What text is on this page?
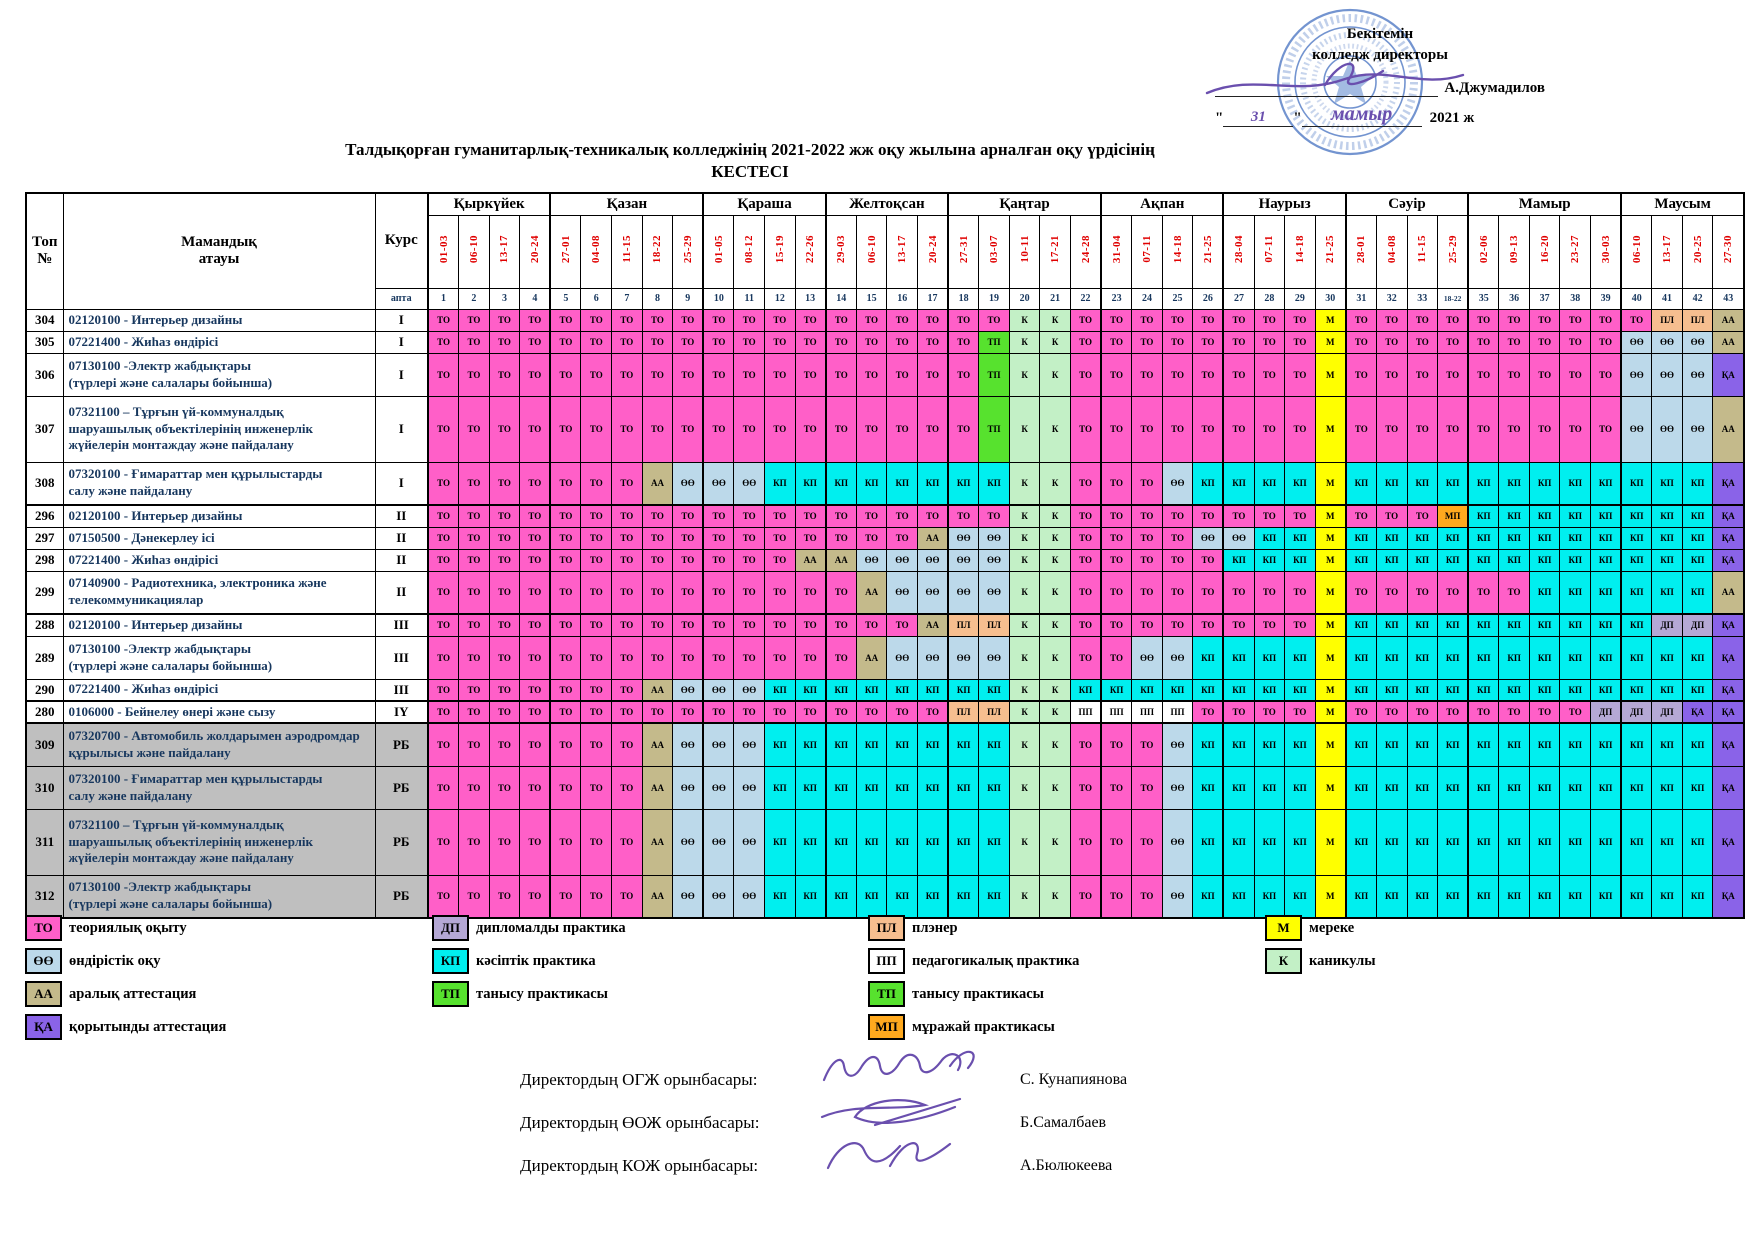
Бекітемін
колледж директоры
А.Джумадилов
"	31	"	мамыр	2021 ж
Талдықорған гуманитарлық-техникалық колледжінің 2021-2022 жж оқу жылына арналған оқу үрдісінің
КЕСТЕСІ
Топ
№

Мамандық
атауы
	Курс	Қыркүйек	Қазан	Қараша	Желтоқсан	Қаңтар	Ақпан	Наурыз	Сәуір	Мамыр	Маусым
			01-03	06-10	13-17	20-24	27-01	04-08	11-15	18-22	25-29	01-05	08-12	15-19	22-26	29-03	06-10	13-17	20-24	27-31	03-07	10-11	17-21	24-28	31-04	07-11	14-18	21-25	28-04	07-11	14-18	21-25	28-01	04-08	11-15	25-29	02-06	09-13	16-20	23-27	30-03	06-10	13-17	20-25	27-30
		апта	1	2	3	4	5	6	7	8	9	10	11	12	13	14	15	16	17	18	19	20	21	22	23	24	25	26	27	28	29	30	31	32	33	18-22	35	36	37	38	39	40	41	42	43
304	02120100 - Интерьер дизайны	I	ТО	ТО	ТО	ТО	ТО	ТО	ТО	ТО	ТО	ТО	ТО	ТО	ТО	ТО	ТО	ТО	ТО	ТО	ТО	К	К	ТО	ТО	ТО	ТО	ТО	ТО	ТО	ТО	М	ТО	ТО	ТО	ТО	ТО	ТО	ТО	ТО	ТО	ТО	ПЛ	ПЛ	АА
305	07221400 - Жиһаз өндірісі	I	ТО	ТО	ТО	ТО	ТО	ТО	ТО	ТО	ТО	ТО	ТО	ТО	ТО	ТО	ТО	ТО	ТО	ТО	ТП	К	К	ТО	ТО	ТО	ТО	ТО	ТО	ТО	ТО	М	ТО	ТО	ТО	ТО	ТО	ТО	ТО	ТО	ТО	ӨӨ	ӨӨ	ӨӨ	АА
306	07130100 -Электр жабдықтары
(түрлері және салалары бойынша)	I	ТО	ТО	ТО	ТО	ТО	ТО	ТО	ТО	ТО	ТО	ТО	ТО	ТО	ТО	ТО	ТО	ТО	ТО	ТП	К	К	ТО	ТО	ТО	ТО	ТО	ТО	ТО	ТО	М	ТО	ТО	ТО	ТО	ТО	ТО	ТО	ТО	ТО	ӨӨ	ӨӨ	ӨӨ	ҚА
307	07321100 – Тұрғын үй-коммуналдық
шаруашылық объектілерінің инженерлік
жүйелерін монтаждау және пайдалану	I	ТО	ТО	ТО	ТО	ТО	ТО	ТО	ТО	ТО	ТО	ТО	ТО	ТО	ТО	ТО	ТО	ТО	ТО	ТП	К	К	ТО	ТО	ТО	ТО	ТО	ТО	ТО	ТО	М	ТО	ТО	ТО	ТО	ТО	ТО	ТО	ТО	ТО	ӨӨ	ӨӨ	ӨӨ	АА
308	07320100 - Ғимараттар мен құрылыстарды
салу және пайдалану	I	ТО	ТО	ТО	ТО	ТО	ТО	ТО	АА	ӨӨ	ӨӨ	ӨӨ	КП	КП	КП	КП	КП	КП	КП	КП	К	К	ТО	ТО	ТО	ӨӨ	КП	КП	КП	КП	М	КП	КП	КП	КП	КП	КП	КП	КП	КП	КП	КП	КП	ҚА
296	02120100 - Интерьер дизайны	II	ТО	ТО	ТО	ТО	ТО	ТО	ТО	ТО	ТО	ТО	ТО	ТО	ТО	ТО	ТО	ТО	ТО	ТО	ТО	К	К	ТО	ТО	ТО	ТО	ТО	ТО	ТО	ТО	М	ТО	ТО	ТО	МП	КП	КП	КП	КП	КП	КП	КП	КП	ҚА
297	07150500 - Дәнекерлеу ісі	II	ТО	ТО	ТО	ТО	ТО	ТО	ТО	ТО	ТО	ТО	ТО	ТО	ТО	ТО	ТО	ТО	АА	ӨӨ	ӨӨ	К	К	ТО	ТО	ТО	ТО	ӨӨ	ӨӨ	КП	КП	М	КП	КП	КП	КП	КП	КП	КП	КП	КП	КП	КП	КП	ҚА
298	07221400 - Жиһаз өндірісі	II	ТО	ТО	ТО	ТО	ТО	ТО	ТО	ТО	ТО	ТО	ТО	ТО	АА	АА	ӨӨ	ӨӨ	ӨӨ	ӨӨ	ӨӨ	К	К	ТО	ТО	ТО	ТО	ТО	КП	КП	КП	М	КП	КП	КП	КП	КП	КП	КП	КП	КП	КП	КП	КП	ҚА
299	07140900 - Радиотехника, электроника және
телекоммуникациялар	II	ТО	ТО	ТО	ТО	ТО	ТО	ТО	ТО	ТО	ТО	ТО	ТО	ТО	ТО	АА	ӨӨ	ӨӨ	ӨӨ	ӨӨ	К	К	ТО	ТО	ТО	ТО	ТО	ТО	ТО	ТО	М	ТО	ТО	ТО	ТО	ТО	ТО	КП	КП	КП	КП	КП	КП	АА
288	02120100 - Интерьер дизайны	III	ТО	ТО	ТО	ТО	ТО	ТО	ТО	ТО	ТО	ТО	ТО	ТО	ТО	ТО	ТО	ТО	АА	ПЛ	ПЛ	К	К	ТО	ТО	ТО	ТО	ТО	ТО	ТО	ТО	М	КП	КП	КП	КП	КП	КП	КП	КП	КП	КП	ДП	ДП	ҚА
289	07130100 -Электр жабдықтары
(түрлері және салалары бойынша)	III	ТО	ТО	ТО	ТО	ТО	ТО	ТО	ТО	ТО	ТО	ТО	ТО	ТО	ТО	АА	ӨӨ	ӨӨ	ӨӨ	ӨӨ	К	К	ТО	ТО	ӨӨ	ӨӨ	КП	КП	КП	КП	М	КП	КП	КП	КП	КП	КП	КП	КП	КП	КП	КП	КП	ҚА
290	07221400 - Жиһаз өндірісі	III	ТО	ТО	ТО	ТО	ТО	ТО	ТО	АА	ӨӨ	ӨӨ	ӨӨ	КП	КП	КП	КП	КП	КП	КП	КП	К	К	КП	КП	КП	КП	КП	КП	КП	КП	М	КП	КП	КП	КП	КП	КП	КП	КП	КП	КП	КП	КП	ҚА
280	0106000 - Бейнелеу өнері және сызу	IY	ТО	ТО	ТО	ТО	ТО	ТО	ТО	ТО	ТО	ТО	ТО	ТО	ТО	ТО	ТО	ТО	ТО	ПЛ	ПЛ	К	К	ПП	ПП	ПП	ПП	ТО	ТО	ТО	ТО	М	ТО	ТО	ТО	ТО	ТО	ТО	ТО	ТО	ДП	ДП	ДП	ҚА	ҚА
309	07320700 - Автомобиль жолдарымен аэродромдар
құрылысы және пайдалану	РБ	ТО	ТО	ТО	ТО	ТО	ТО	ТО	АА	ӨӨ	ӨӨ	ӨӨ	КП	КП	КП	КП	КП	КП	КП	КП	К	К	ТО	ТО	ТО	ӨӨ	КП	КП	КП	КП	М	КП	КП	КП	КП	КП	КП	КП	КП	КП	КП	КП	КП	ҚА
310	07320100 - Ғимараттар мен құрылыстарды
салу және пайдалану	РБ	ТО	ТО	ТО	ТО	ТО	ТО	ТО	АА	ӨӨ	ӨӨ	ӨӨ	КП	КП	КП	КП	КП	КП	КП	КП	К	К	ТО	ТО	ТО	ӨӨ	КП	КП	КП	КП	М	КП	КП	КП	КП	КП	КП	КП	КП	КП	КП	КП	КП	ҚА
311	07321100 – Тұрғын үй-коммуналдық
шаруашылық объектілерінің инженерлік
жүйелерін монтаждау және пайдалану	РБ	ТО	ТО	ТО	ТО	ТО	ТО	ТО	АА	ӨӨ	ӨӨ	ӨӨ	КП	КП	КП	КП	КП	КП	КП	КП	К	К	ТО	ТО	ТО	ӨӨ	КП	КП	КП	КП	М	КП	КП	КП	КП	КП	КП	КП	КП	КП	КП	КП	КП	ҚА
312	07130100 -Электр жабдықтары
(түрлері және салалары бойынша)	РБ	ТО	ТО	ТО	ТО	ТО	ТО	ТО	АА	ӨӨ	ӨӨ	ӨӨ	КП	КП	КП	КП	КП	КП	КП	КП	К	К	ТО	ТО	ТО	ӨӨ	КП	КП	КП	КП	М	КП	КП	КП	КП	КП	КП	КП	КП	КП	КП	КП	КП	ҚА
ТО	теориялық оқыту
ӨӨ	өндірістік оқу
АА	аралық аттестация
ҚА	қорытынды аттестация
ДП	дипломалды практика
КП	кәсіптік практика
ТП	танысу практикасы
ПЛ	плэнер
ПП	педагогикалық практика
ТП	танысу практикасы
МП мұражай практикасы
М	мереке
К	каникулы
Директордың ОГЖ орынбасары:	С. Кунапиянова
Директордың ӨОЖ орынбасары:	Б.Самалбаев
Директордың КОЖ орынбасары:	А.Бюлюкеева
